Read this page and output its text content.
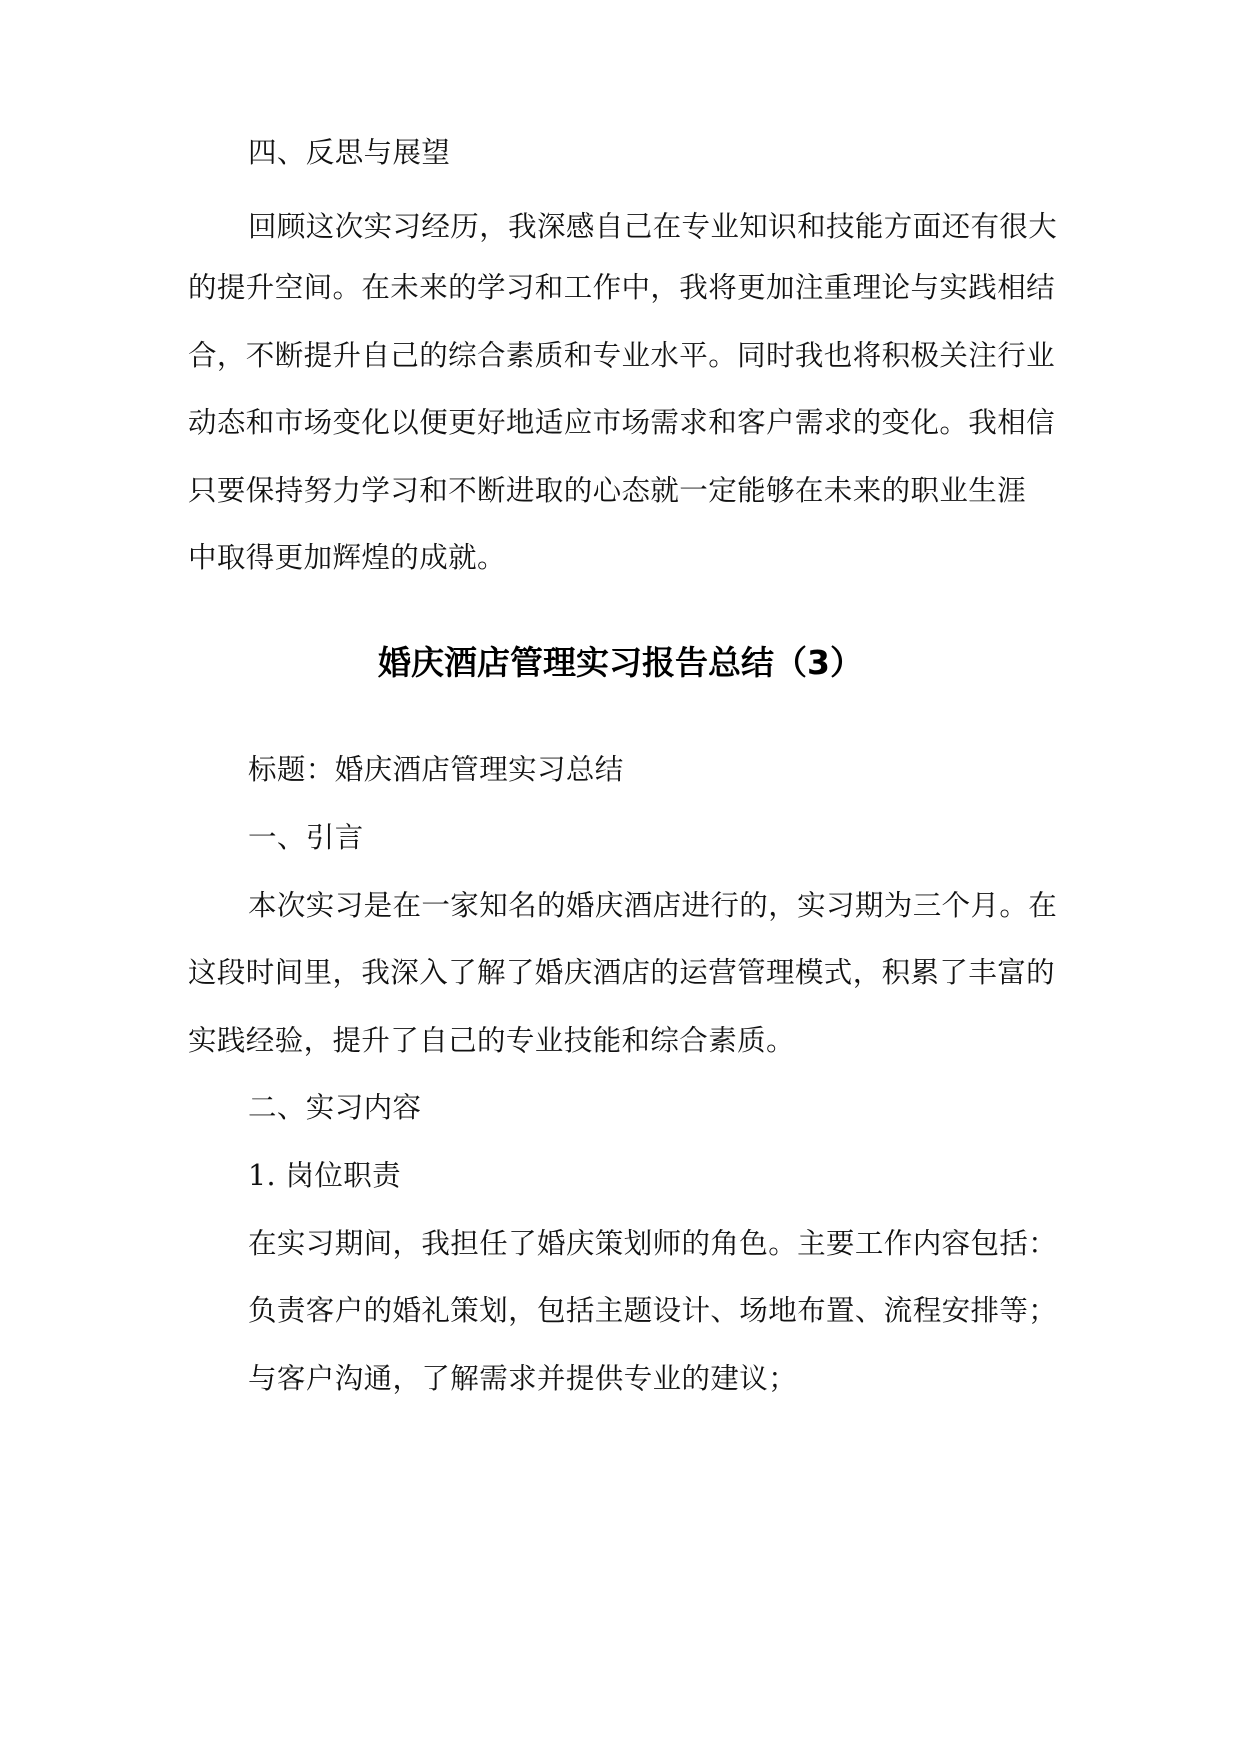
四、反思与展望
回顾这次实习经历，我深感自己在专业知识和技能方面还有很大
的提升空间。在未来的学习和工作中，我将更加注重理论与实践相结
合，不断提升自己的综合素质和专业水平。同时我也将积极关注行业
动态和市场变化以便更好地适应市场需求和客户需求的变化。我相信
只要保持努力学习和不断进取的心态就一定能够在未来的职业生涯
中取得更加辉煌的成就。
婚庆酒店管理实习报告总结（3）
标题：婚庆酒店管理实习总结
一、引言
本次实习是在一家知名的婚庆酒店进行的，实习期为三个月。在
这段时间里，我深入了解了婚庆酒店的运营管理模式，积累了丰富的
实践经验，提升了自己的专业技能和综合素质。
二、实习内容
1. 岗位职责
在实习期间，我担任了婚庆策划师的角色。主要工作内容包括：
负责客户的婚礼策划，包括主题设计、场地布置、流程安排等；
与客户沟通，了解需求并提供专业的建议；
